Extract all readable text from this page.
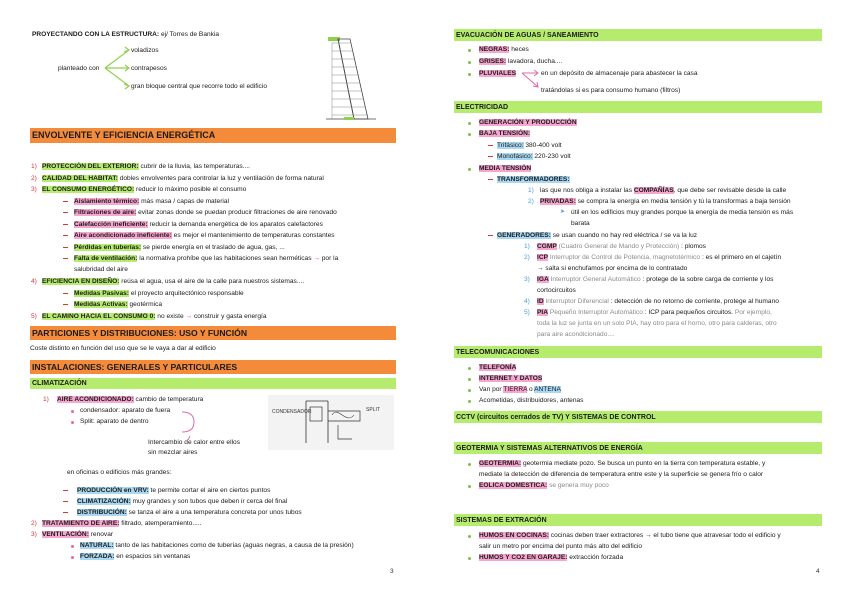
PROYECTANDO CON LA ESTRUCTURA: ej/ Torres de Bankia
planteado con
voladizos
contrapesos
gran bloque central que recorre todo el edificio
ENVOLVENTE Y EFICIENCIA ENERGÉTICA
1) PROTECCIÓN DEL EXTERIOR: cubrir de la lluvia, las temperaturas....
2) CALIDAD DEL HABITAT: dobles envolventes para controlar la luz y ventilación de forma natural
3) EL CONSUMO ENERGÉTICO: reducir lo máximo posible el consumo
Aislamiento térmico: más masa / capas de material
Filtraciones de aire: evitar zonas donde se puedan producir filtraciones de aire renovado
Calefacción ineficiente: reducir la demanda energética de los aparatos calefactores
Aire acondicionado ineficiente: es mejor el mantenimiento de temperaturas constantes
Pérdidas en tuberías: se pierde energía en el traslado de agua, gas, ...
Falta de ventilación: la normativa prohíbe que las habitaciones sean herméticas → por la
salubridad del aire
4) EFICIENCIA EN DISEÑO: reúsa el agua, usa el aire de la calle para nuestros sistemas....
Medidas Pasivas: el proyecto arquitectónico responsable
Medidas Activas: geotérmica
5) EL CAMINO HACIA EL CONSUMO 0: no existe → construir y gasta energía
PARTICIONES Y DISTRIBUCIONES: USO Y FUNCIÓN
Coste distinto en función del uso que se le vaya a dar al edificio
INSTALACIONES: GENERALES Y PARTICULARES
CLIMATIZACIÓN
1) AIRE ACONDICIONADO: cambio de temperatura
condensador: aparato de fuera
Split: aparato de dentro
Intercambio de calor entre ellos
sin mezclar aires
CONDENSADOR	SPLIT
en oficinas o edificios más grandes:
PRODUCCIÓN en VRV: te permite cortar el aire en ciertos puntos
CLIMATIZACIÓN: muy grandes y son tubos que deben ir cerca del final
DISTRIBUCIÓN: se tanza el aire a una temperatura concreta por unos tubos
2) TRATAMIENTO DE AIRE: filtrado, atemperamiento.....
3) VENTILACIÓN: renovar
NATURAL: tanto de las habitaciones como de tuberías (aguas negras, a causa de la presión)
FORZADA: en espacios sin ventanas
3
EVACUACIÓN DE AGUAS / SANEAMIENTO
NEGRAS: heces
GRISES: lavadora, ducha....
PLUVIALES	en un depósito de almacenaje para abastecer la casa
tratándolas si es para consumo humano (filtros)
ELECTRICIDAD
GENERACIÓN Y PRODUCCIÓN
BAJA TENSIÓN:
Trifásico: 380-400 volt
Monofásico: 220-230 volt
MEDIA TENSIÓN
TRANSFORMADORES:
1) las que nos obliga a instalar las COMPAÑÍAS, que debe ser revisable desde la calle
2) PRIVADAS: se compra la energía en media tensión y tú la transformas a baja tensión
➤ útil en los edificios muy grandes porque la energía de media tensión es más
barata
GENERADORES: se usan cuando no hay red eléctrica / se va la luz
1) CGMP (Cuadro General de Mando y Protección) : plomos
2) ICP Interruptor de Control de Potencia, magnetotérmico : es el primero en el cajetín
→ salta si enchufamos por encima de lo contratado
3) IGA Interruptor General Automático : protege de la sobre carga de corriente y los
cortocircuitos
4) ID Interruptor Diferencial : detección de no retorno de corriente, protege al humano
5) PIA Pequeño Interruptor Automático : ICP para pequeños circuitos. Por ejemplo,
toda la luz se junta en un solo PIA, hay otro para el horno, otro para calderas, otro
para aire acondicionado....
TELECOMUNICACIONES
TELEFONÍA
INTERNET Y DATOS
Van por TIERRA o ANTENA
Acometidas, distribuidores, antenas
CCTV (circuitos cerrados de TV) Y SISTEMAS DE CONTROL
GEOTERMIA Y SISTEMAS ALTERNATIVOS DE ENERGÍA
GEOTERMIA: geotermia mediate pozo. Se busca un punto en la tierra con temperatura estable, y
mediate la detección de diferencia de temperatura entre este y la superficie se genera frío o calor
EOLICA DOMESTICA: se genera muy poco
SISTEMAS DE EXTRACIÓN
HUMOS EN COCINAS: cocinas deben traer extractores → el tubo tiene que atravesar todo el edificio y
salir un metro por encima del punto más alto del edificio
HUMOS Y CO2 EN GARAJE: extracción forzada
4
